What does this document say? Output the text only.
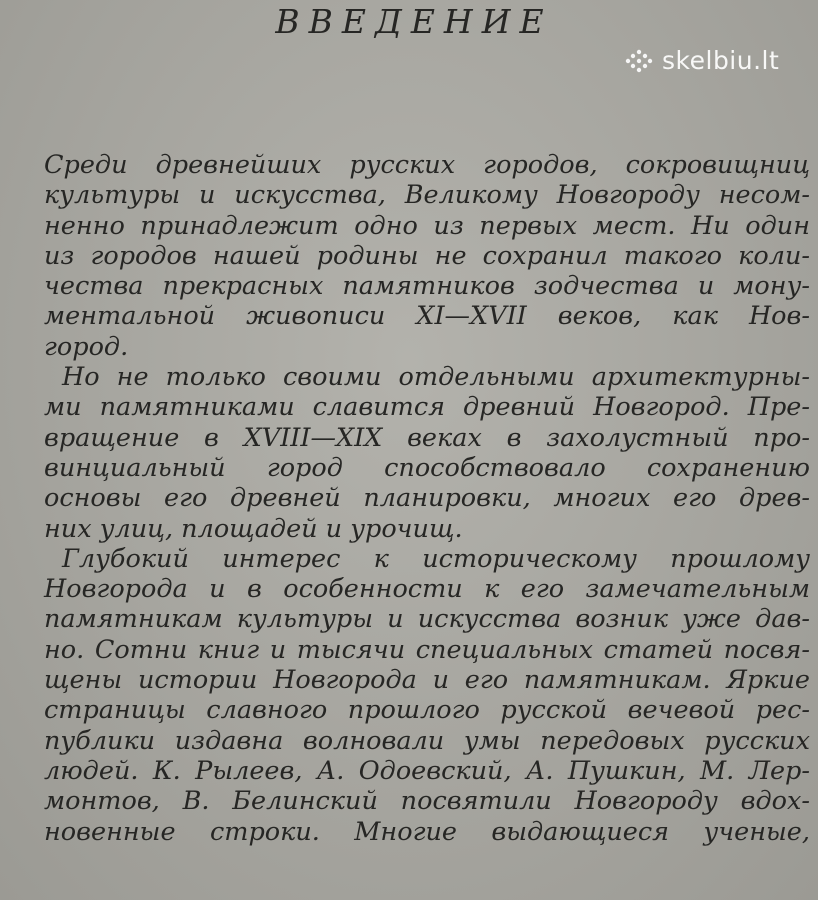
ВВЕДЕНИЕ
skelbiu.lt
Среди древнейших русских городов, сокровищниц
культуры и искусства, Великому Новгороду несом-
ненно принадлежит одно из первых мест. Ни один
из городов нашей родины не сохранил такого коли-
чества прекрасных памятников зодчества и мону-
ментальной живописи XI—XVII веков, как Нов-
город.
Но не только своими отдельными архитектурны-
ми памятниками славится древний Новгород. Пре-
вращение в XVIII—XIX веках в захолустный про-
винциальный город способствовало сохранению
основы его древней планировки, многих его древ-
них улиц, площадей и урочищ.
Глубокий интерес к историческому прошлому
Новгорода и в особенности к его замечательным
памятникам культуры и искусства возник уже дав-
но. Сотни книг и тысячи специальных статей посвя-
щены истории Новгорода и его памятникам. Яркие
страницы славного прошлого русской вечевой рес-
публики издавна волновали умы передовых русских
людей. К. Рылеев, А. Одоевский, А. Пушкин, М. Лер-
монтов, В. Белинский посвятили Новгороду вдох-
новенные строки. Многие выдающиеся ученые,
